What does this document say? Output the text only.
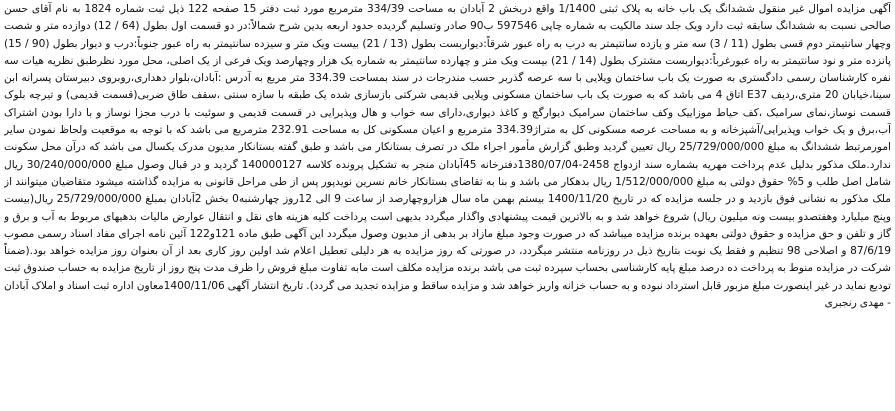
آگهی مزایده اموال غیر منقول ششدانگ یک باب خانه به پلاک ثبتی 1/1400 واقع دربخش 2 آبادان به مساحت 334/39 مترمربع مورد ثبت دفتر 15 صفحه 122 ذیل ثبت شماره 1824 به نام آقای حسن صالحی نسبت به ششدانگ سابقه ثبت دارد ویک جلد سند مالکیت به شماره چاپی 597546 ب90 صادر وتسلیم گردیده حدود اربعه بدین شرح شمالاً:در دو قسمت اول بطول (64 / 12) دوازده متر و شصت وچهار سانتیمتر دوم قسی بطول (11 / 3) سه متر و یازده سانتیمتر به درب به راه عبور شرقاً:دیواربست بطول (13 / 21) بیست ویک متر و سیزده سانتیمتر به راه عبور جنوباً:درب و دیوار بطول (90 / 15) پانزده متر و نود سانتیمتر به راه عبورغرباً:دیواربست مشترک بطول (14 / 21) بیست ویک متر و چهارده سانتیمتر به شماره یک هزار وچهارصد ویک فرعی از یک اصلی، محل مورد نظرطبق نظریه هیات سه نفره کارشناسان رسمی دادگستری به صورت یک باب ساختمان ویلایی با سه عرصه گذربر حسب مندرجات در سند بمساحت 334.39 متر مربع به آدرس :آبادان،بلوار دهداری،روبروی دبیرستان پسرانه ابن سینا،خیابان 20 متری،ردیف E37 اتاق 4 می باشد که به صورت یک باب ساختمان مسکونی ویلایی قدیمی شرکتی بازسازی شده یک طبقه با سازه سنتی ،سقف طاق ضربی(قسمت قدیمی) و تیرچه بلوک قسمت نوساز،نمای سرامیک ،کف حیاط موزاییک وکف ساختمان سرامیک دیوارگچ و کاغذ دیواری،دارای سه خواب و هال وپذیرایی در قسمت قدیمی و سوئیت با درب مجزا نوساز و با دارا بودن اشتراک آب،برق و یک خواب وپذیرایی/آشپزخانه و به مساحت عرصه مسکونی کل به متراژ334.39 مترمربع و اعیان مسکونی کل به مساحت 232.91 مترمربع می باشد که با توجه به موقعیت ولحاظ نمودن سایر امورمرتبط ششدانگ به مبلغ 25/729/000/000 ریال تعیین گردید وطبق گزارش مأمور اجراء ملک در تصرف بستانکار می باشد و طبق گفته بستانکار مدیون مدرک یکسال می باشد که درآن محل سکونت ندارد.ملک مذکور بدلیل عدم پرداخت مهریه بشماره سند ازدواج 2458-1380/07/04دفترخانه 45آبادان منجر به تشکیل پرونده کلاسه 140000127 گردید و در قبال وصول مبلغ 30/240/000/000 ریال شامل اصل طلب و 5% حقوق دولتی به مبلغ 1/512/000/000 ریال بدهکار می باشد و بنا به تقاضای بستانکار خانم نسرین نویدپور پس از طی مراحل قانونی به مزایده گذاشته میشود متقاضیان میتوانند از ملک مذکور به نشانی فوق بازدید و در جلسه مزایده که در تاریخ 1400/11/20 بیستم بهمن ماه سال هزاروچهارصد از ساعت 9 الی 12روز چهارشنبه0 بخش 2آبادان بمبلغ 25/729/000/000 ریال(بیست وپنج میلیارد وهفتصدو بیست ونه میلیون ریال) شروع خواهد شد و به بالاترین قیمت پیشنهادی واگذار میگردد بدیهی است پرداخت کلیه هزینه های نقل و انتقال عوارض مالیات بدهیهای مربوط به آب و برق و گاز و تلفن و حق مزایده و حقوق دولتی بعهده برنده مزایده میباشد که در صورت وجود مبلغ مازاد بر بدهی از مدیون وصول میگردد این آگهی طبق ماده 121و122 آئین نامه اجرای مفاد اسناد رسمی مصوب 87/6/19 و اصلاحی 98 تنظیم و فقط یک نوبت بتاریخ ذیل در روزنامه منتشر میگردد، در صورتی که روز مزایده به هر دلیلی تعطیل اعلام شد اولین روز کاری بعد از آن بعنوان روز مزایده خواهد بود.(ضمناً شرکت در مزایده منوط به پرداخت ده درصد مبلغ پایه کارشناسی بحساب سپرده ثبت می باشد برنده مزایده مکلف است مابه تفاوت مبلغ فروش را ظرف مدت پنج روز از تاریخ مزایده به حساب صندوق ثبت تودیع نماید در غیر اینصورت مبلغ مزبور قابل استرداد نبوده و به حساب خزانه واریز خواهد شد و مزایده ساقط و مزایده تجدید می گردد). تاریخ انتشار آگهی 1400/11/06معاون اداره ثبت اسناد و املاک آبادان - مهدی رنجبری
